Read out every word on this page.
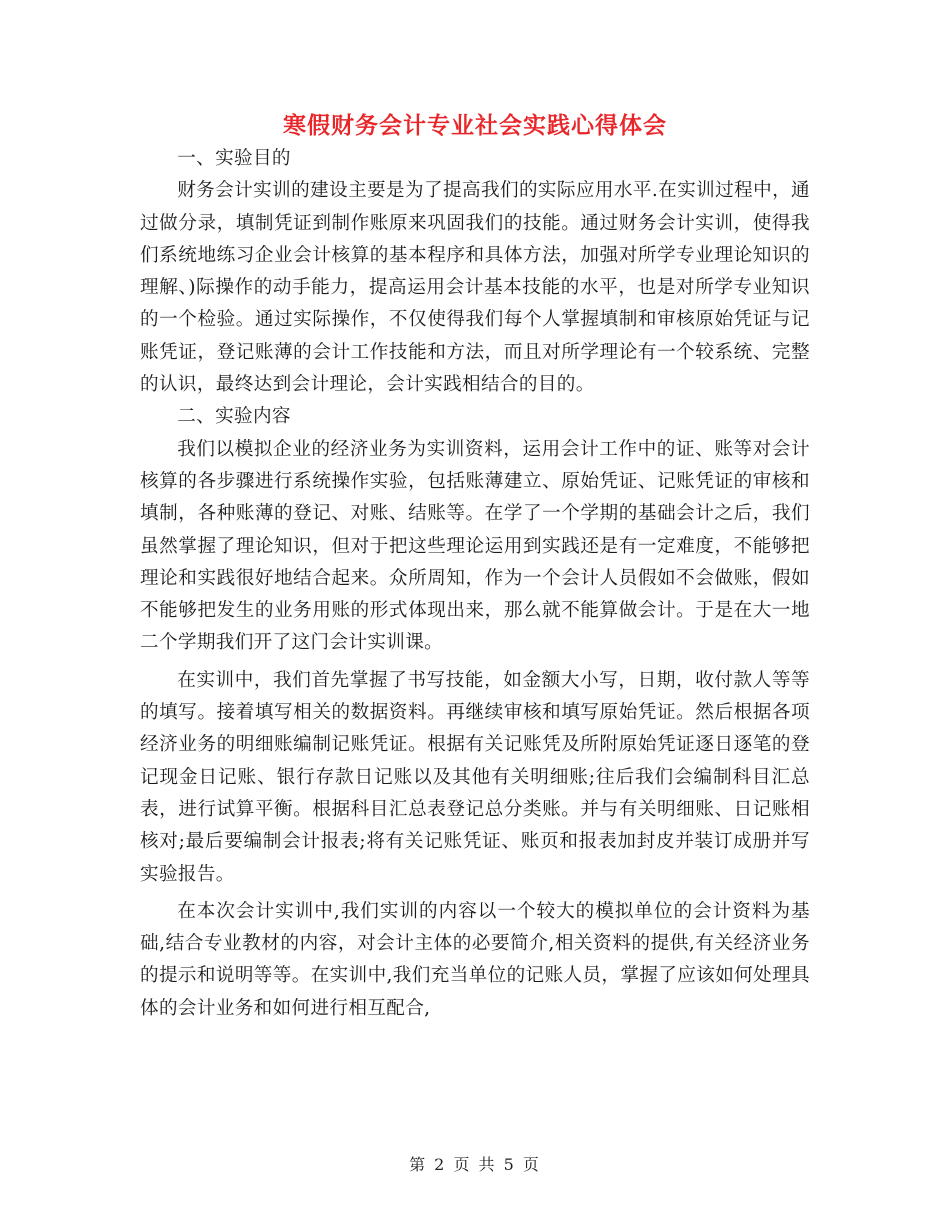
寒假财务会计专业社会实践心得体会
一、实验目的

财务会计实训的建设主要是为了提高我们的实际应用水平.在实训过程中，通过做分录，填制凭证到制作账原来巩固我们的技能。通过财务会计实训，使得我们系统地练习企业会计核算的基本程序和具体方法，加强对所学专业理论知识的理解、)际操作的动手能力，提高运用会计基本技能的水平，也是对所学专业知识的一个检验。通过实际操作，不仅使得我们每个人掌握填制和审核原始凭证与记账凭证，登记账薄的会计工作技能和方法，而且对所学理论有一个较系统、完整的认识，最终达到会计理论，会计实践相结合的目的。

二、实验内容

我们以模拟企业的经济业务为实训资料，运用会计工作中的证、账等对会计核算的各步骤进行系统操作实验，包括账薄建立、原始凭证、记账凭证的审核和填制，各种账薄的登记、对账、结账等。在学了一个学期的基础会计之后，我们虽然掌握了理论知识，但对于把这些理论运用到实践还是有一定难度，不能够把理论和实践很好地结合起来。众所周知，作为一个会计人员假如不会做账，假如不能够把发生的业务用账的形式体现出来，那么就不能算做会计。于是在大一地二个学期我们开了这门会计实训课。

在实训中，我们首先掌握了书写技能，如金额大小写，日期，收付款人等等的填写。接着填写相关的数据资料。再继续审核和填写原始凭证。然后根据各项经济业务的明细账编制记账凭证。根据有关记账凭及所附原始凭证逐日逐笔的登记现金日记账、银行存款日记账以及其他有关明细账;往后我们会编制科目汇总表，进行试算平衡。根据科目汇总表登记总分类账。并与有关明细账、日记账相核对;最后要编制会计报表;将有关记账凭证、账页和报表加封皮并装订成册并写实验报告。

在本次会计实训中,我们实训的内容以一个较大的模拟单位的会计资料为基础,结合专业教材的内容，对会计主体的必要简介,相关资料的提供,有关经济业务的提示和说明等等。在实训中,我们充当单位的记账人员，掌握了应该如何处理具体的会计业务和如何进行相互配合,

第 2 页 共 5 页
